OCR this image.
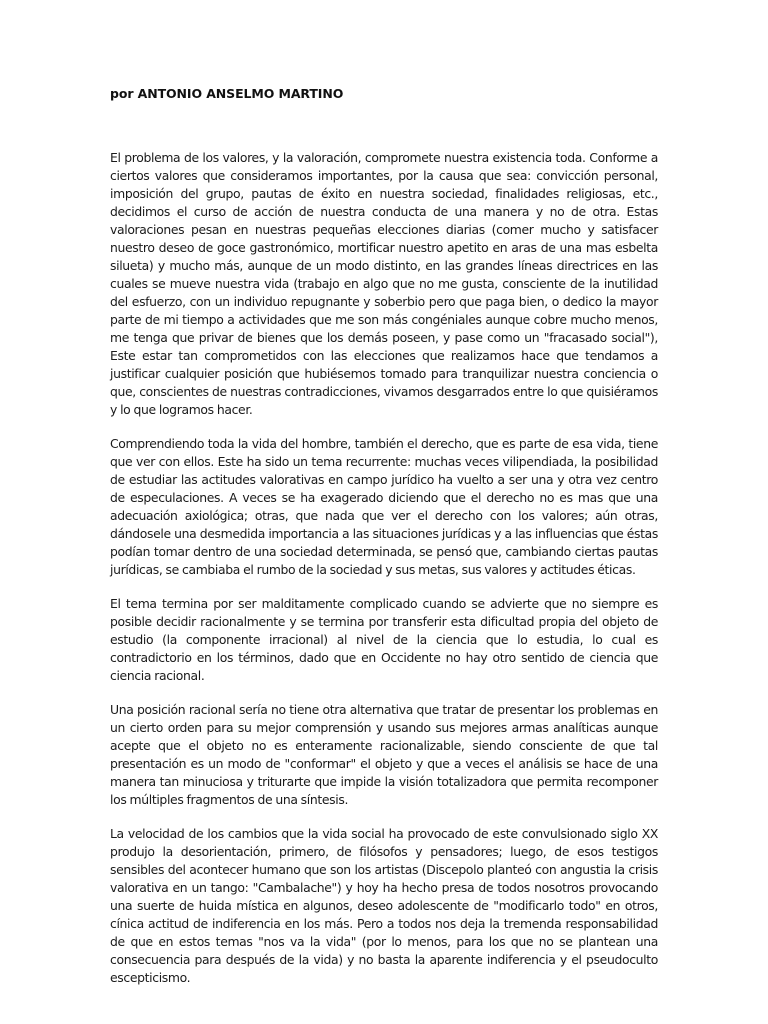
por ANTONIO ANSELMO MARTINO

El problema de los valores, y la valoración, compromete nuestra existencia toda. Conforme a ciertos valores que consideramos importantes, por la causa que sea: convicción personal, imposición del grupo, pautas de éxito en nuestra sociedad, finalidades religiosas, etc., decidimos el curso de acción de nuestra conducta de una manera y no de otra. Estas valoraciones pesan en nuestras pequeñas elecciones diarias (comer mucho y satisfacer nuestro deseo de goce gastronómico, mortificar nuestro apetito en aras de una mas esbelta silueta) y mucho más, aunque de un modo distinto, en las grandes líneas directrices en las cuales se mueve nuestra vida (trabajo en algo que no me gusta, consciente de la inutilidad del esfuerzo, con un individuo repugnante y soberbio pero que paga bien, o dedico la mayor parte de mi tiempo a actividades que me son más congéniales aunque cobre mucho menos, me tenga que privar de bienes que los demás poseen, y pase como un "fracasado social"), Este estar tan comprometidos con las elecciones que realizamos hace que tendamos a justificar cualquier posición que hubiésemos tomado para tranquilizar nuestra conciencia o que, conscientes de nuestras contradicciones, vivamos desgarrados entre lo que quisiéramos y lo que logramos hacer.

Comprendiendo toda la vida del hombre, también el derecho, que es parte de esa vida, tiene que ver con ellos. Este ha sido un tema recurrente: muchas veces vilipendiada, la posibilidad de estudiar las actitudes valorativas en campo jurídico ha vuelto a ser una y otra vez centro de especulaciones. A veces se ha exagerado diciendo que el derecho no es mas que una adecuación axiológica; otras, que nada que ver el derecho con los valores; aún otras, dándosele una desmedida importancia a las situaciones jurídicas y a las influencias que éstas podían tomar dentro de una sociedad determinada, se pensó que, cambiando ciertas pautas jurídicas, se cambiaba el rumbo de la sociedad y sus metas, sus valores y actitudes éticas.

El tema termina por ser malditamente complicado cuando se advierte que no siempre es posible decidir racionalmente y se termina por transferir esta dificultad propia del objeto de estudio (la componente irracional) al nivel de la ciencia que lo estudia, lo cual es contradictorio en los términos, dado que en Occidente no hay otro sentido de ciencia que ciencia racional.

Una posición racional sería no tiene otra alternativa que tratar de presentar los problemas en un cierto orden para su mejor comprensión y usando sus mejores armas analíticas aunque acepte que el objeto no es enteramente racionalizable, siendo consciente de que tal presentación es un modo de "conformar" el objeto y que a veces el análisis se hace de una manera tan minuciosa y triturarte que impide la visión totalizadora que permita recomponer los múltiples fragmentos de una síntesis.

La velocidad de los cambios que la vida social ha provocado de este convulsionado siglo XX produjo la desorientación, primero, de filósofos y pensadores; luego, de esos testigos sensibles del acontecer humano que son los artistas (Discepolo planteó con angustia la crisis valorativa en un tango: "Cambalache") y hoy ha hecho presa de todos nosotros provocando una suerte de huida mística en algunos, deseo adolescente de "modificarlo todo" en otros, cínica actitud de indiferencia en los más. Pero a todos nos deja la tremenda responsabilidad de que en estos temas "nos va la vida" (por lo menos, para los que no se plantean una consecuencia para después de la vida) y no basta la aparente indiferencia y el pseudoculto escepticismo.
